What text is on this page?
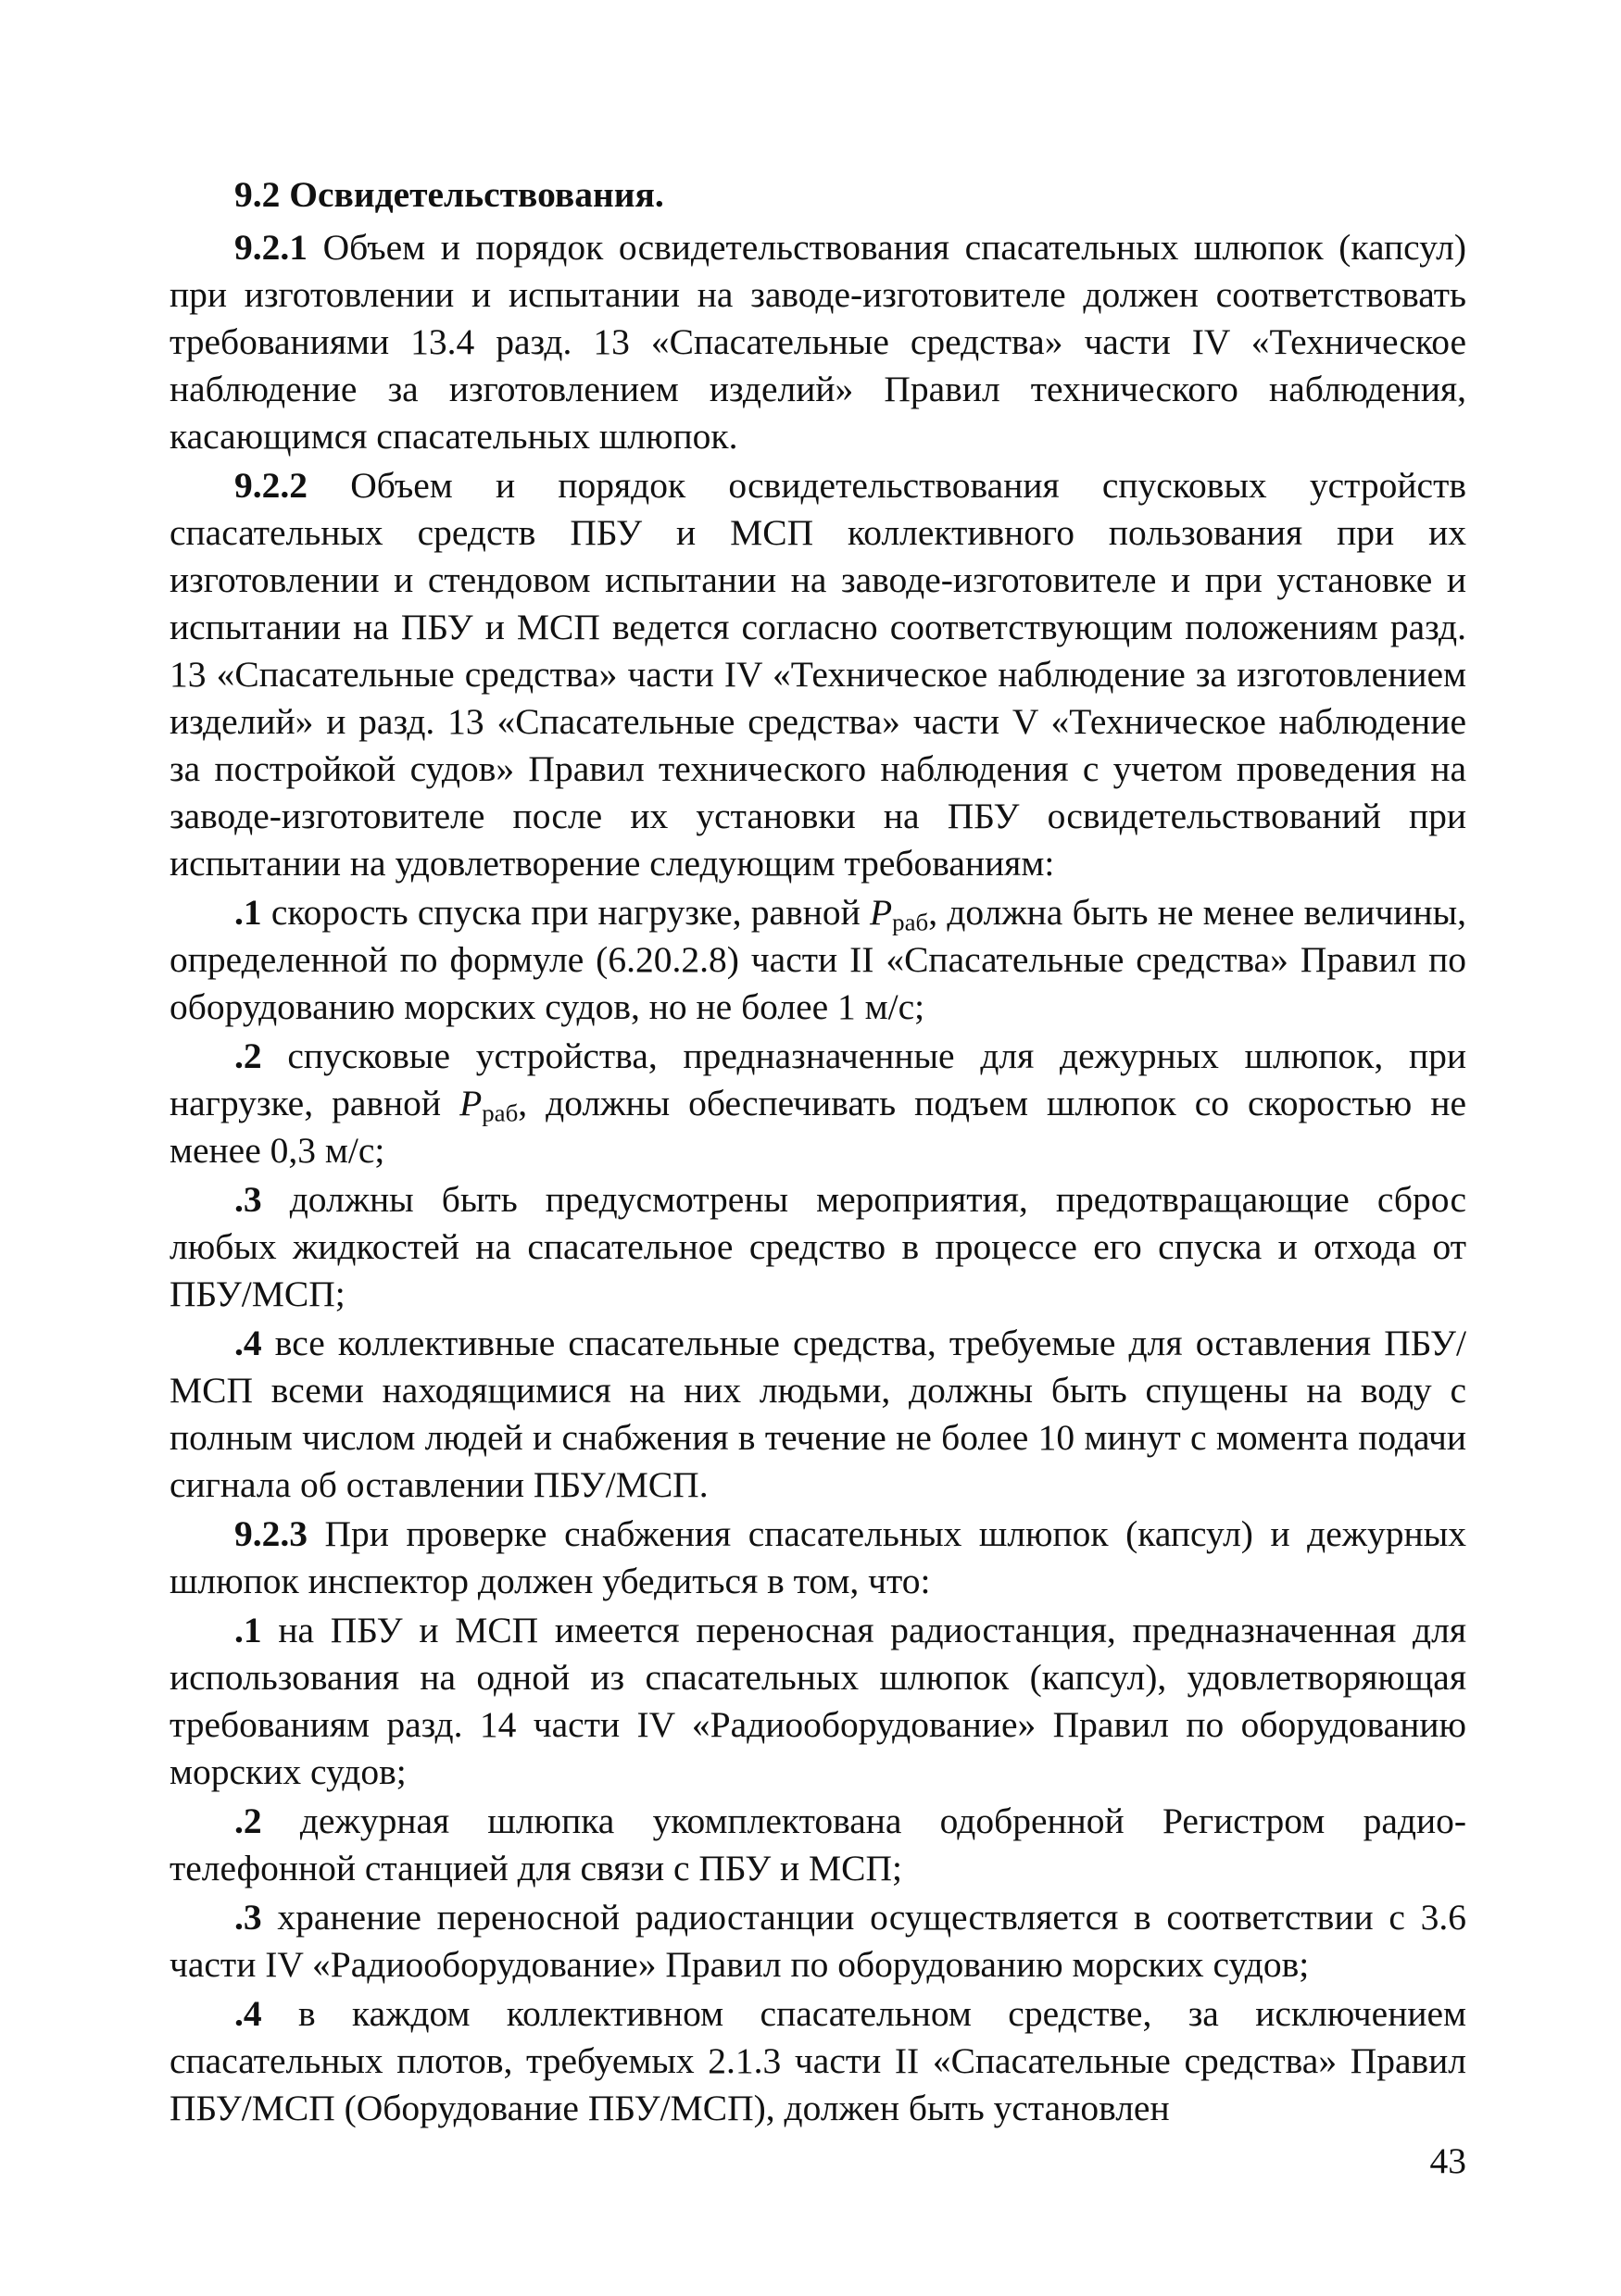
9.2 Освидетельствования.

9.2.1 Объем и порядок освидетельствования спасательных шлюпок (капсул) при изготовлении и испытании на заводе-изготовителе должен соответствовать требованиями 13.4 разд. 13 «Спасательные средства» части IV «Техническое наблюдение за изготовлением изделий» Правил технического наблюдения, касающимся спасательных шлюпок.

9.2.2 Объем и порядок освидетельствования спусковых устройств спасательных средств ПБУ и МСП коллективного пользования при их изготовлении и стендовом испытании на заводе-изготовителе и при установке и испытании на ПБУ и МСП ведется согласно соответствующим положениям разд. 13 «Спасательные средства» части IV «Техническое наблюдение за изготовлением изделий» и разд. 13 «Спасательные средства» части V «Техническое наблюдение за постройкой судов» Правил технического наблюдения с учетом проведения на заводе-изготовителе после их установки на ПБУ освидетельствований при испытании на удовлетворение следующим требованиям:

.1 скорость спуска при нагрузке, равной $P_{раб}$, должна быть не менее величины, определенной по формуле (6.20.2.8) части II «Спасательные средства» Правил по оборудованию морских судов, но не более 1 м/с;

.2 спусковые устройства, предназначенные для дежурных шлюпок, при нагрузке, равной $P_{раб}$, должны обеспечивать подъем шлюпок со скоростью не менее 0,3 м/с;

.3 должны быть предусмотрены мероприятия, предотвращающие сброс любых жидкостей на спасательное средство в процессе его спуска и отхода от ПБУ/МСП;

.4 все коллективные спасательные средства, требуемые для оставления ПБУ/МСП всеми находящимися на них людьми, должны быть спущены на воду с полным числом людей и снабжения в течение не более 10 минут с момента подачи сигнала об оставлении ПБУ/МСП.

9.2.3 При проверке снабжения спасательных шлюпок (капсул) и дежурных шлюпок инспектор должен убедиться в том, что:

.1 на ПБУ и МСП имеется переносная радиостанция, предназначенная для использования на одной из спасательных шлюпок (капсул), удовлетворяющая требованиям разд. 14 части IV «Радиооборудование» Правил по оборудованию морских судов;

.2 дежурная шлюпка укомплектована одобренной Регистром радио-телефонной станцией для связи с ПБУ и МСП;

.3 хранение переносной радиостанции осуществляется в соответствии с 3.6 части IV «Радиооборудование» Правил по оборудованию морских судов;

.4 в каждом коллективном спасательном средстве, за исключением спасательных плотов, требуемых 2.1.3 части II «Спасательные средства» Правил ПБУ/МСП (Оборудование ПБУ/МСП), должен быть установлен

43
